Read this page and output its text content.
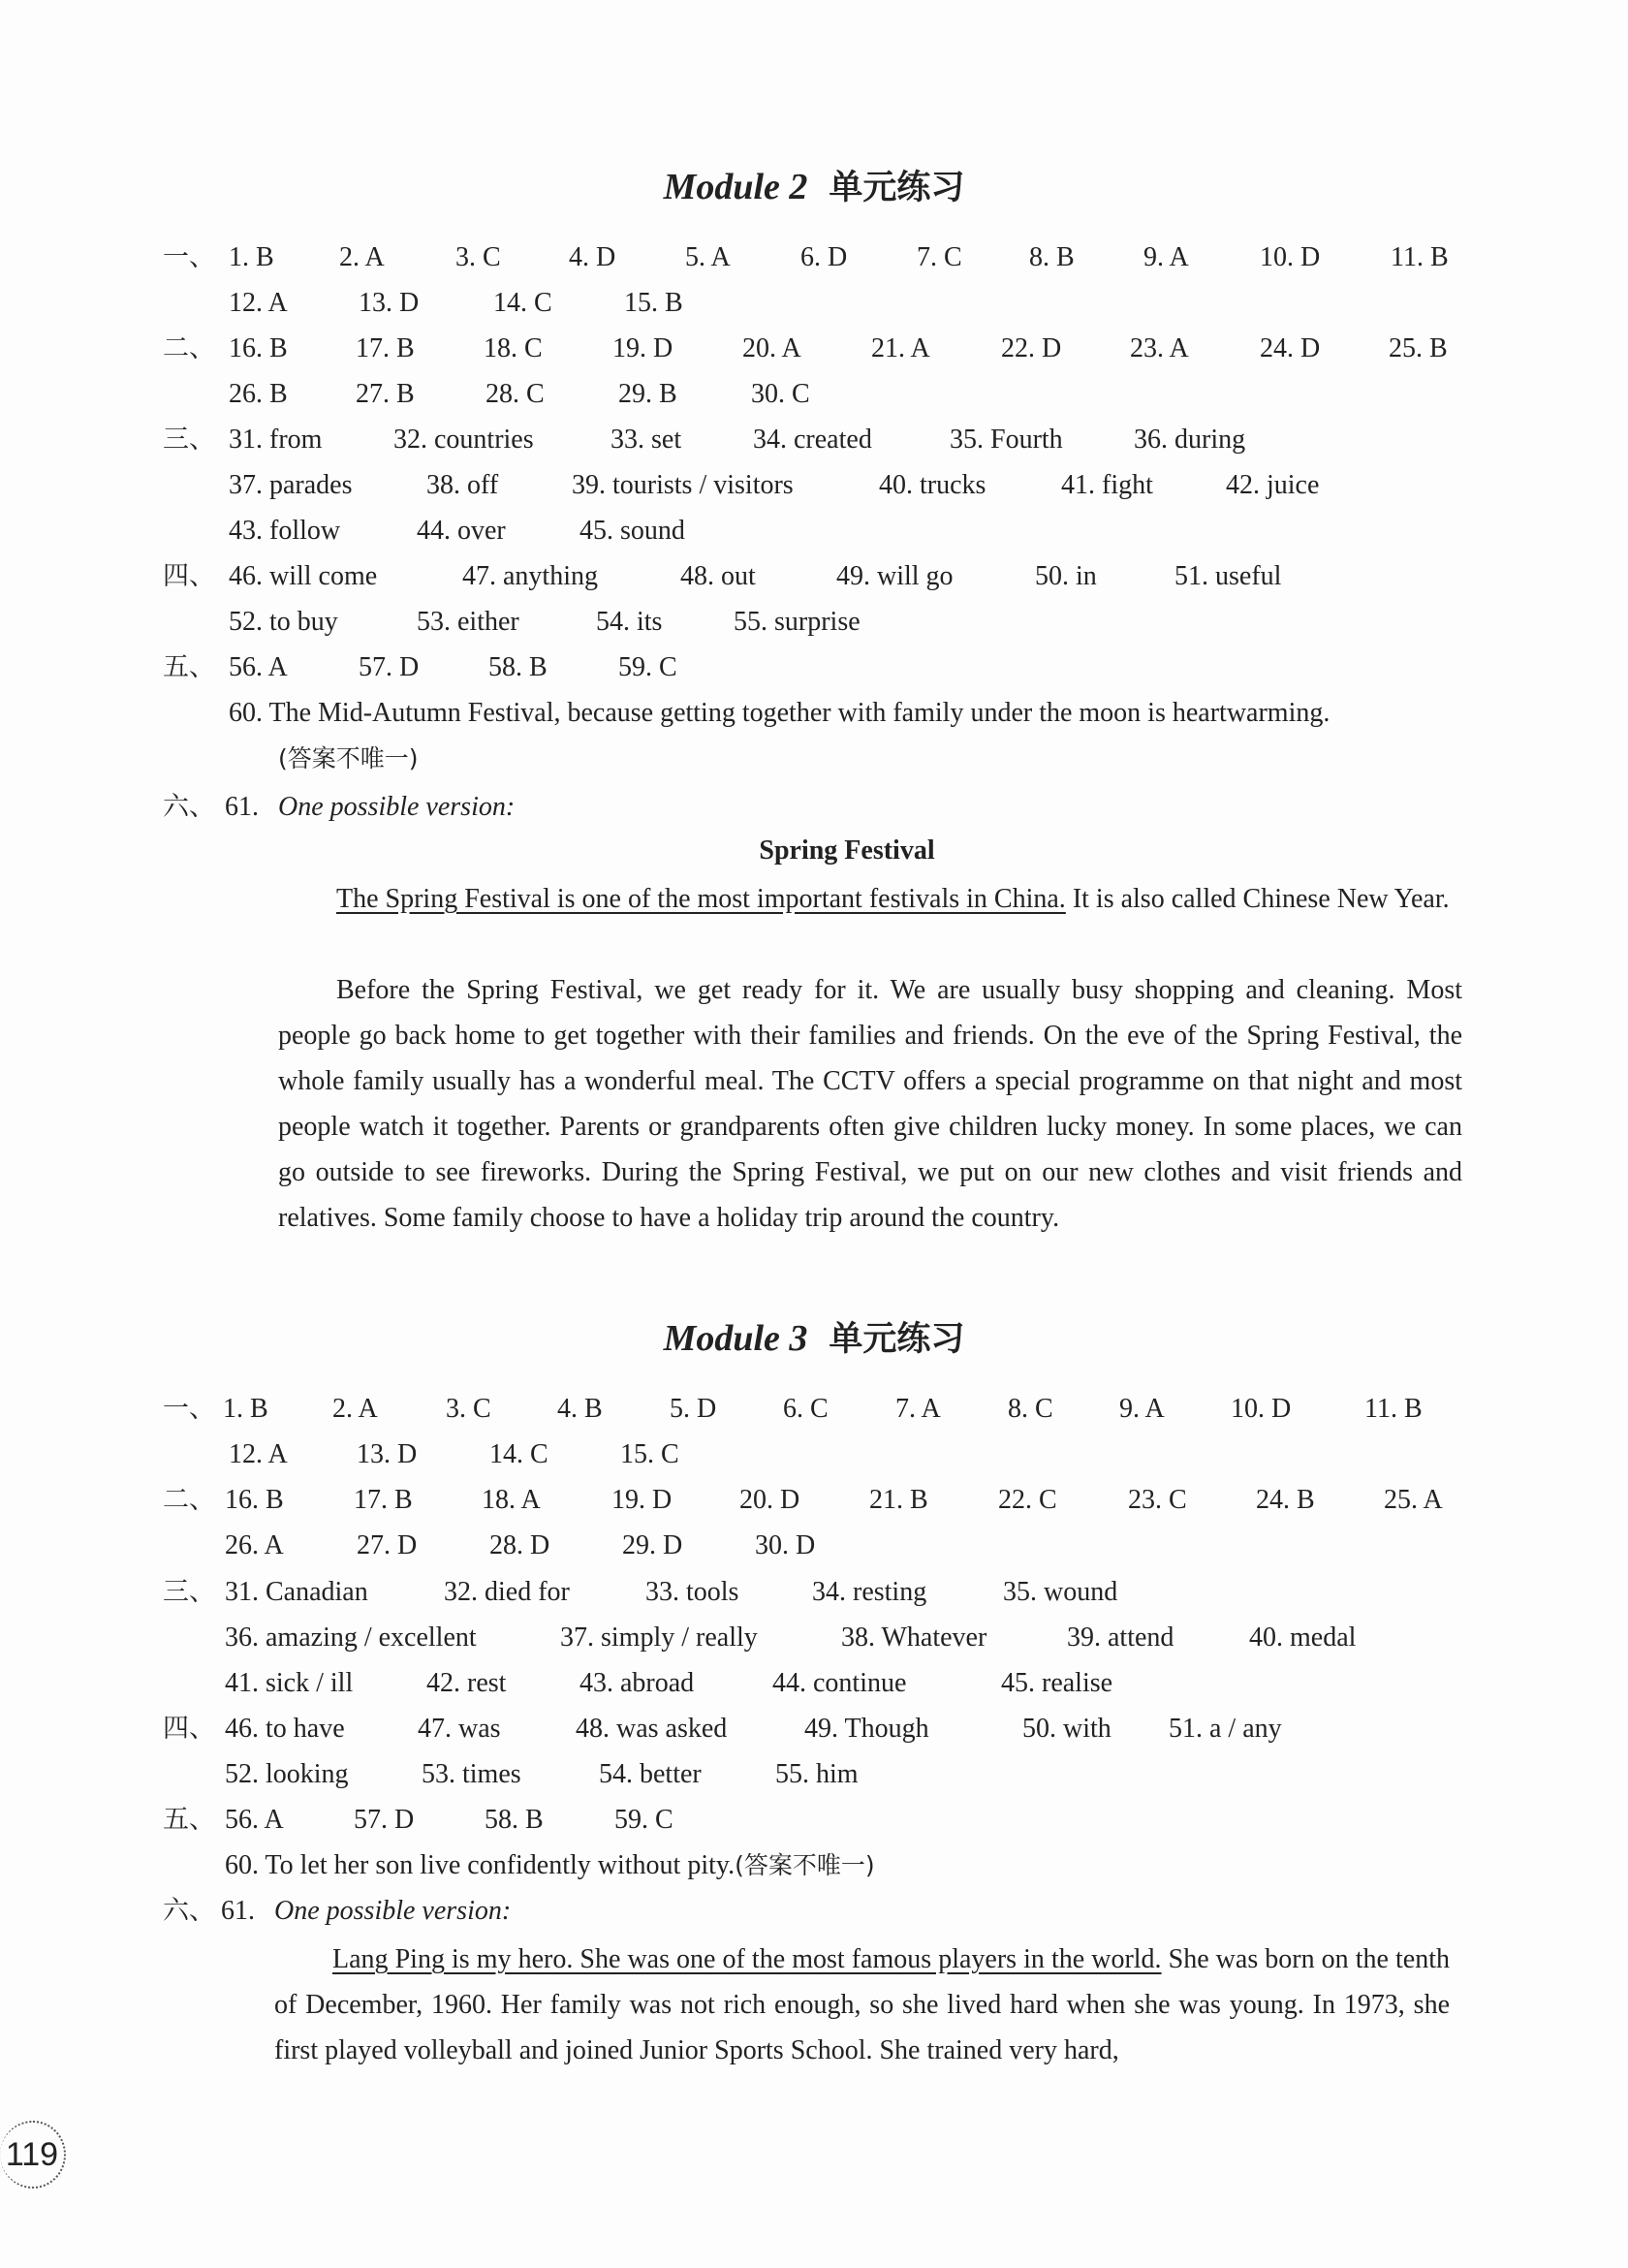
Module 2 单元练习
一、 1. B 2. A	3. C	4. D	5. A	6. D	7. C 8. B	9. A	10. D	11. B
12. A	13. D	14. C	15. B
二、 16. B	17. B	18. C	19. D	20. A	21. A	22. D	23. A	24. D	25. B
26. B	27. B	28. C	29. B	30. C
三、 31. from	32. countries	33. set	34. created	35. Fourth	36. during
37. parades	38. off	39. tourists / visitors	40. trucks	41. fight	42. juice
43. follow	44. over	45. sound
四、 46. will come	47. anything	48. out	49. will go	50. in	51. useful
52. to buy	53. either	54. its	55. surprise
五、 56. A	57. D	58. B	59. C
60. The Mid-Autumn Festival, because getting together with family under the moon is heartwarming.
(答案不唯一)
六、 61. One possible version:
Spring Festival
The Spring Festival is one of the most important festivals in China. It is also called Chinese New Year.
Before the Spring Festival, we get ready for it. We are usually busy shopping and cleaning. Most people go back home to get together with their families and friends. On the eve of the Spring Festival, the whole family usually has a wonderful meal. The CCTV offers a special programme on that night and most people watch it together. Parents or grandparents often give children lucky money. In some places, we can go outside to see fireworks. During the Spring Festival, we put on our new clothes and visit friends and relatives. Some family choose to have a holiday trip around the country.
Module 3 单元练习
一、 1. B 2. A	3. C 4. B 5. D 6. C 7. A 8. C 9. A 10. D	11. B
12. A	13. D	14. C	15. C
二、 16. B	17. B	18. A	19. D 20. D	21. B	22. C	23. C	24. B	25. A
26. A	27. D	28. D	29. D	30. D
三、 31. Canadian	32. died for	33. tools	34. resting	35. wound
36. amazing / excellent	37. simply / really	38. Whatever	39. attend	40. medal
41. sick / ill	42. rest	43. abroad	44. continue	45. realise
四、 46. to have	47. was	48. was asked	49. Though	50. with 51. a / any
52. looking	53. times	54. better	55. him
五、 56. A	57. D	58. B	59. C
60. To let her son live confidently without pity.(答案不唯一)
六、 61. One possible version:
Lang Ping is my hero. She was one of the most famous players in the world. She was born on the tenth of December, 1960. Her family was not rich enough, so she lived hard when she was young. In 1973, she first played volleyball and joined Junior Sports School. She trained very hard,
119
